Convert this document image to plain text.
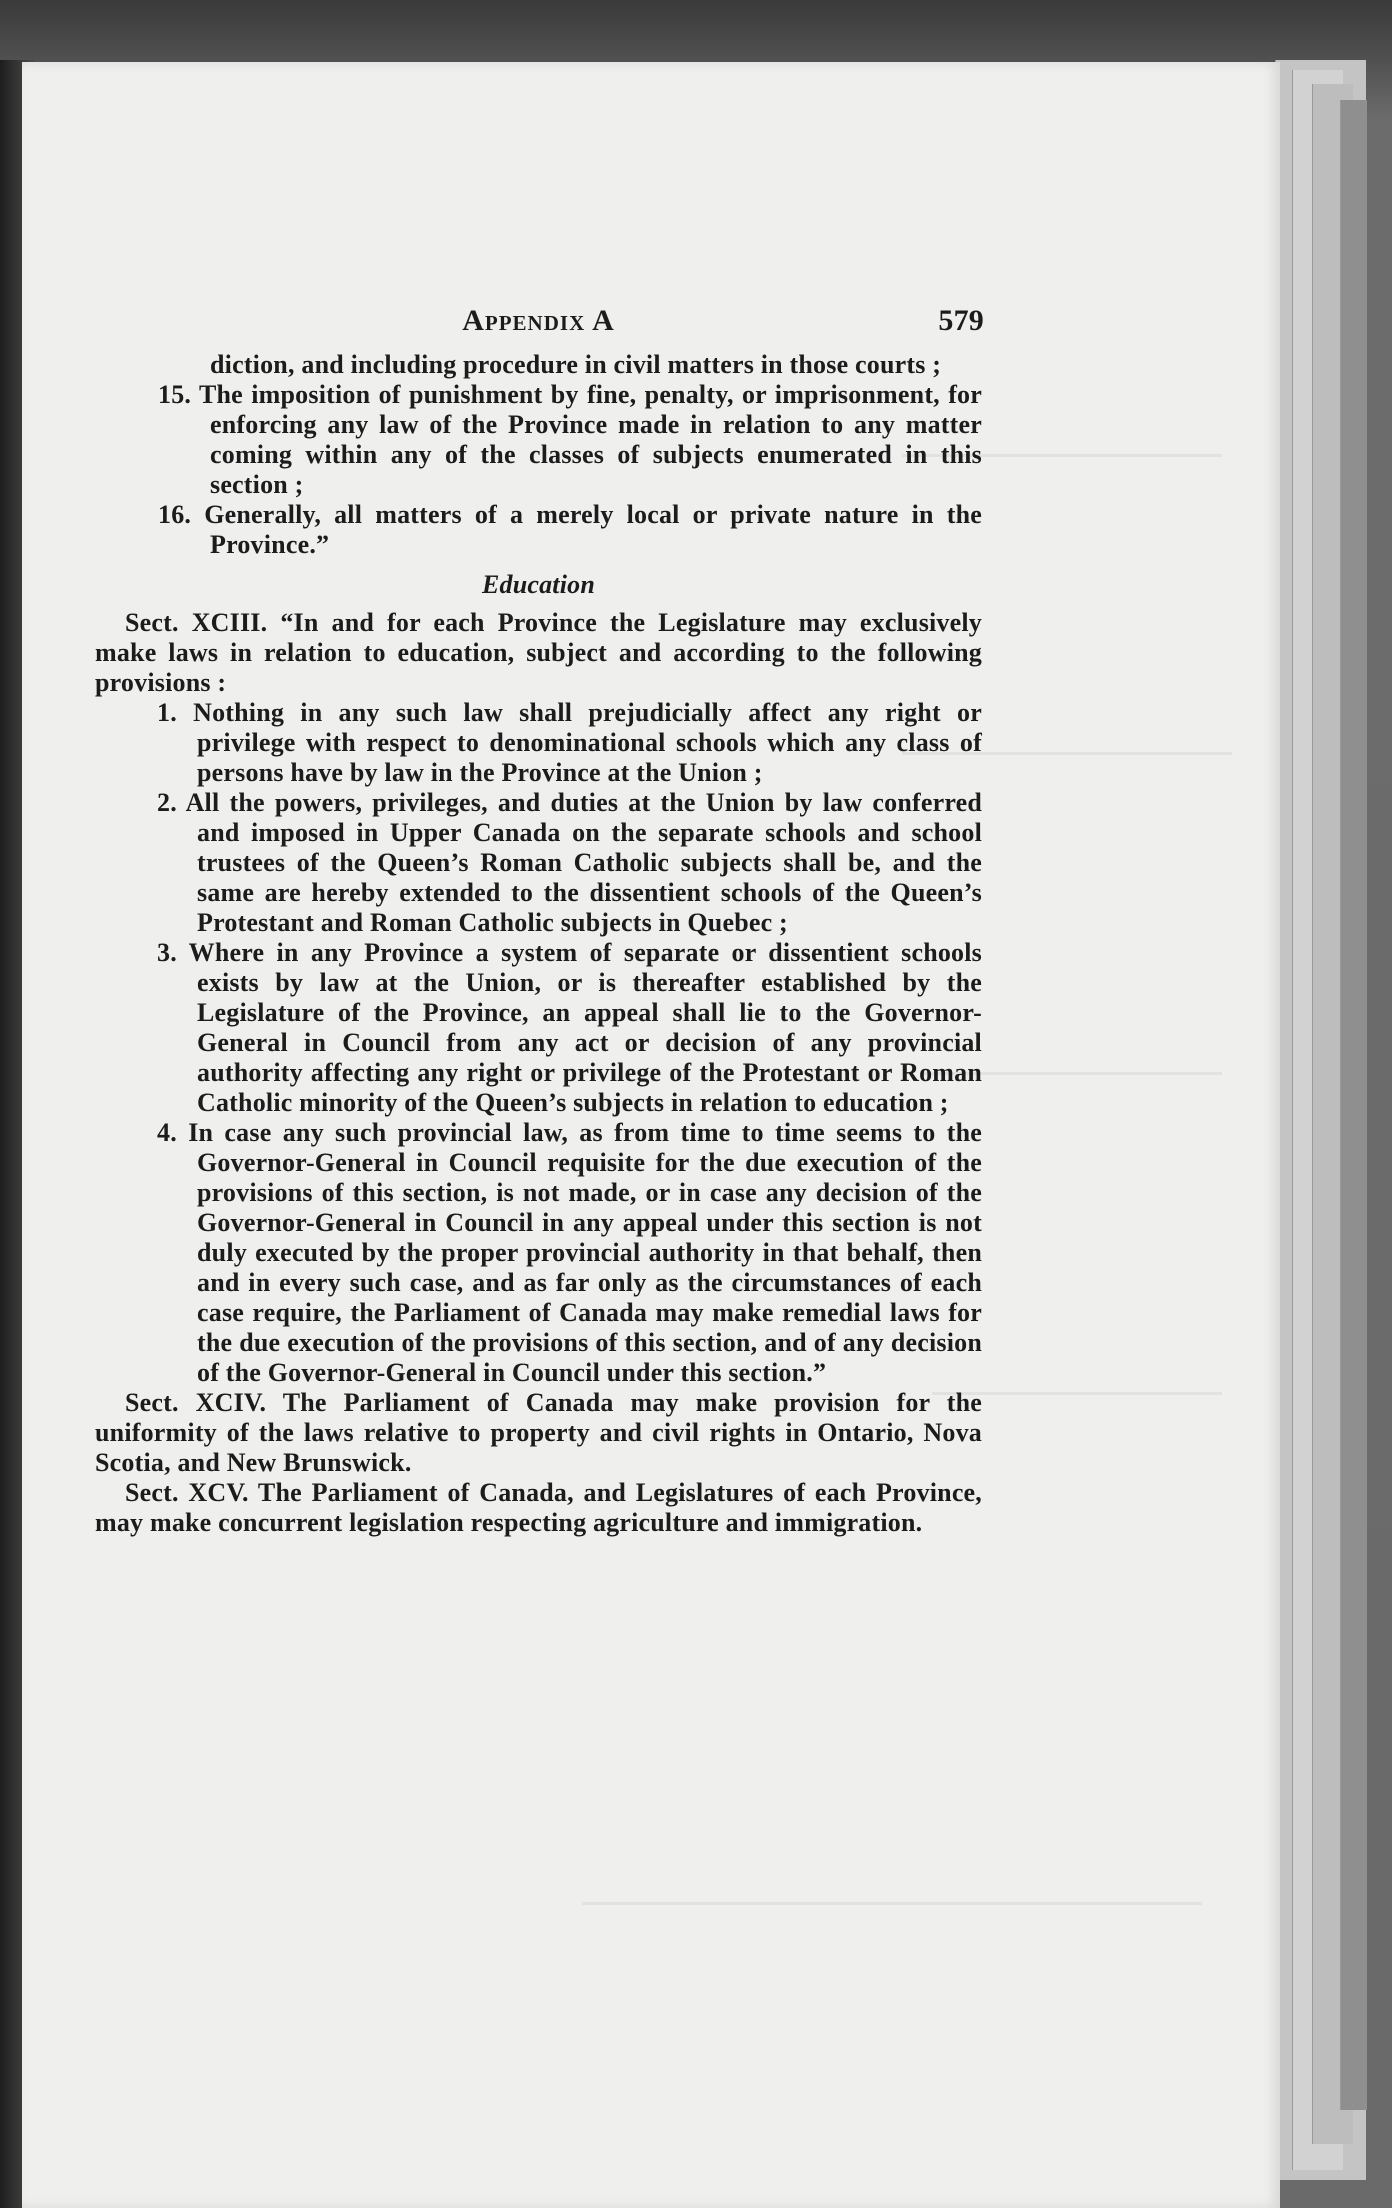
Appendix A	579

diction, and including procedure in civil matters in those courts ;

15. The imposition of punishment by fine, penalty, or imprisonment, for enforcing any law of the Province made in relation to any matter coming within any of the classes of subjects enumerated in this section ;

16. Generally, all matters of a merely local or private nature in the Province.”

Education

Sect. XCIII. “In and for each Province the Legislature may exclusively make laws in relation to education, subject and according to the following provisions :

1. Nothing in any such law shall prejudicially affect any right or privilege with respect to denominational schools which any class of persons have by law in the Province at the Union ;

2. All the powers, privileges, and duties at the Union by law conferred and imposed in Upper Canada on the separate schools and school trustees of the Queen’s Roman Catholic subjects shall be, and the same are hereby extended to the dissentient schools of the Queen’s Protestant and Roman Catholic subjects in Quebec ;

3. Where in any Province a system of separate or dissentient schools exists by law at the Union, or is thereafter established by the Legislature of the Province, an appeal shall lie to the Governor-General in Council from any act or decision of any provincial authority affecting any right or privilege of the Protestant or Roman Catholic minority of the Queen’s subjects in relation to education ;

4. In case any such provincial law, as from time to time seems to the Governor-General in Council requisite for the due execution of the provisions of this section, is not made, or in case any decision of the Governor-General in Council in any appeal under this section is not duly executed by the proper provincial authority in that behalf, then and in every such case, and as far only as the circumstances of each case require, the Parliament of Canada may make remedial laws for the due execution of the provisions of this section, and of any decision of the Governor-General in Council under this section.”

Sect. XCIV. The Parliament of Canada may make provision for the uniformity of the laws relative to property and civil rights in Ontario, Nova Scotia, and New Brunswick.

Sect. XCV. The Parliament of Canada, and Legislatures of each Province, may make concurrent legislation respecting agriculture and immigration.
